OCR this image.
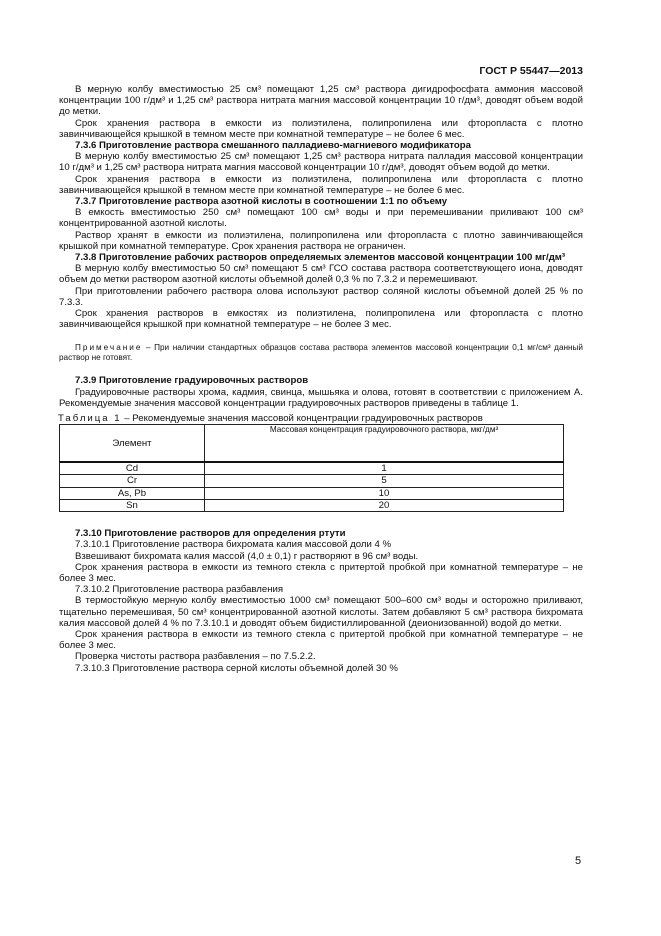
ГОСТ Р 55447—2013

В мерную колбу вместимостью 25 см³ помещают 1,25 см³ раствора дигидрофосфата аммония массовой концентрации 100 г/дм³ и 1,25 см³ раствора нитрата магния массовой концентрации 10 г/дм³, доводят объем водой до метки.

Срок хранения раствора в емкости из полиэтилена, полипропилена или фторопласта с плотно завинчивающейся крышкой в темном месте при комнатной температуре – не более 6 мес.

7.3.6 Приготовление раствора смешанного палладиево-магниевого модификатора

В мерную колбу вместимостью 25 см³ помещают 1,25 см³ раствора нитрата палладия массовой концентрации 10 г/дм³ и 1,25 см³ раствора нитрата магния массовой концентрации 10 г/дм³, доводят объем водой до метки.

Срок хранения раствора в емкости из полиэтилена, полипропилена или фторопласта с плотно завинчивающейся крышкой в темном месте при комнатной температуре – не более 6 мес.

7.3.7 Приготовление раствора азотной кислоты в соотношении 1:1 по объему

В емкость вместимостью 250 см³ помещают 100 см³ воды и при перемешивании приливают 100 см³ концентрированной азотной кислоты.

Раствор хранят в емкости из полиэтилена, полипропилена или фторопласта с плотно завинчивающейся крышкой при комнатной температуре. Срок хранения раствора не ограничен.

7.3.8 Приготовление рабочих растворов определяемых элементов массовой концентрации 100 мг/дм³

В мерную колбу вместимостью 50 см³ помещают 5 см³ ГСО состава раствора соответствующего иона, доводят объем до метки раствором азотной кислоты объемной долей 0,3 % по 7.3.2 и перемешивают.

При приготовлении рабочего раствора олова используют раствор соляной кислоты объемной долей 25 % по 7.3.3.

Срок хранения растворов в емкостях из полиэтилена, полипропилена или фторопласта с плотно завинчивающейся крышкой при комнатной температуре – не более 3 мес.

Примечание – При наличии стандартных образцов состава раствора элементов массовой концентрации 0,1 мг/см³ данный раствор не готовят.

7.3.9 Приготовление градуировочных растворов

Градуировочные растворы хрома, кадмия, свинца, мышьяка и олова, готовят в соответствии с приложением А. Рекомендуемые значения массовой концентрации градуировочных растворов приведены в таблице 1.

Таблица 1 – Рекомендуемые значения массовой концентрации градуировочных растворов
Элемент	Массовая концентрация градуировочного раствора, мкг/дм³
Cd	1
Cr	5
As, Pb	10
Sn	20

7.3.10 Приготовление растворов для определения ртути

7.3.10.1 Приготовление раствора бихромата калия массовой доли 4 %

Взвешивают бихромата калия массой (4,0 ± 0,1) г растворяют в 96 см³ воды.

Срок хранения раствора в емкости из темного стекла с притертой пробкой при комнатной температуре – не более 3 мес.

7.3.10.2 Приготовление раствора разбавления

В термостойкую мерную колбу вместимостью 1000 см³ помещают 500–600 см³ воды и осторожно приливают, тщательно перемешивая, 50 см³ концентрированной азотной кислоты. Затем добавляют 5 см³ раствора бихромата калия массовой долей 4 % по 7.3.10.1 и доводят объем бидистиллированной (деионизованной) водой до метки.

Срок хранения раствора в емкости из темного стекла с притертой пробкой при комнатной температуре – не более 3 мес.

Проверка чистоты раствора разбавления – по 7.5.2.2.

7.3.10.3 Приготовление раствора серной кислоты объемной долей 30 %

5
